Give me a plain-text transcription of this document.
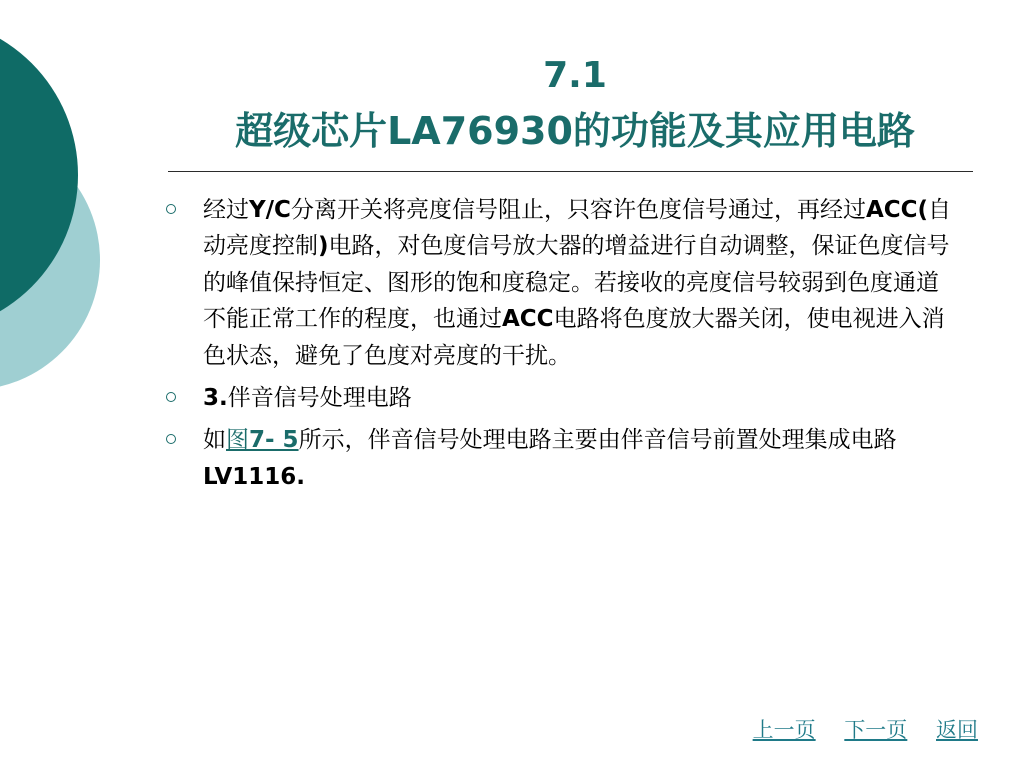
7.1
超级芯片LA76930的功能及其应用电路
经过Y/C分离开关将亮度信号阻止，只容许色度信号通过，再经过ACC(自动亮度控制)电路，对色度信号放大器的增益进行自动调整，保证色度信号的峰值保持恒定、图形的饱和度稳定。若接收的亮度信号较弱到色度通道不能正常工作的程度，也通过ACC电路将色度放大器关闭，使电视进入消色状态，避免了色度对亮度的干扰。
3.伴音信号处理电路
如图7- 5所示，伴音信号处理电路主要由伴音信号前置处理集成电路LV1116.
上一页 下一页 返回
